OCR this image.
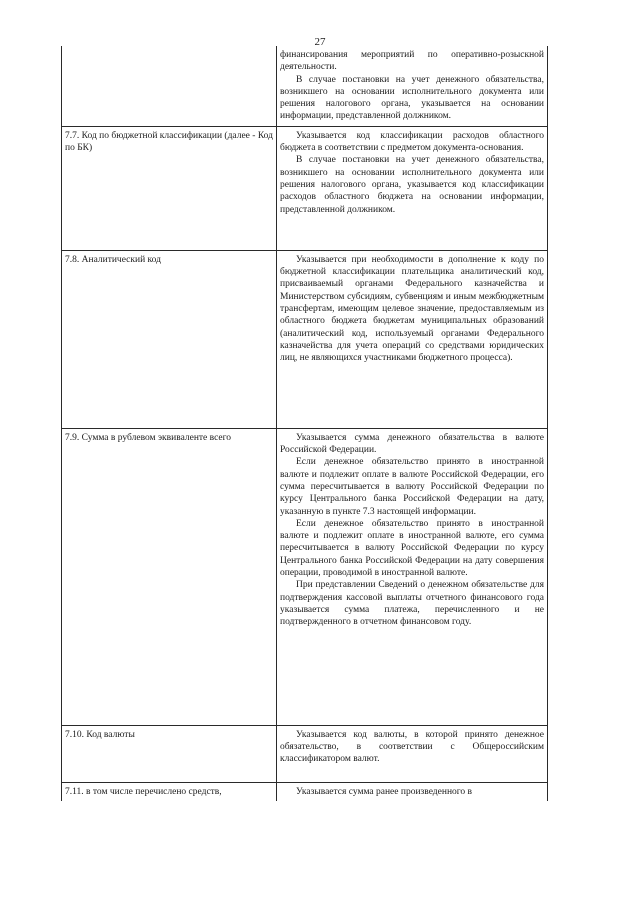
27

	финансирования мероприятий по оперативно-розыскной деятельности.

В случае постановки на учет денежного обязательства, возникшего на основании исполнительного документа или решения налогового органа, указывается на основании информации, представленной должником.

7.7. Код по бюджетной классификации (далее - Код по БК)	Указывается код классификации расходов областного бюджета в соответствии с предметом документа-основания.

В случае постановки на учет денежного обязательства, возникшего на основании исполнительного документа или решения налогового органа, указывается код классификации расходов областного бюджета на основании информации, представленной должником.

7.8. Аналитический код	Указывается при необходимости в дополнение к коду по бюджетной классификации плательщика аналитический код, присваиваемый органами Федерального казначейства и Министерством субсидиям, субвенциям и иным межбюджетным трансфертам, имеющим целевое значение, предоставляемым из областного бюджета бюджетам муниципальных образований (аналитический код, используемый органами Федерального казначейства для учета операций со средствами юридических лиц, не являющихся участниками бюджетного процесса).

7.9. Сумма в рублевом эквиваленте всего	Указывается сумма денежного обязательства в валюте Российской Федерации.

Если денежное обязательство принято в иностранной валюте и подлежит оплате в валюте Российской Федерации, его сумма пересчитывается в валюту Российской Федерации по курсу Центрального банка Российской Федерации на дату, указанную в пункте 7.3 настоящей информации.

Если денежное обязательство принято в иностранной валюте и подлежит оплате в иностранной валюте, его сумма пересчитывается в валюту Российской Федерации по курсу Центрального банка Российской Федерации на дату совершения операции, проводимой в иностранной валюте.

При представлении Сведений о денежном обязательстве для подтверждения кассовой выплаты отчетного финансового года указывается сумма платежа, перечисленного и не подтвержденного в отчетном финансовом году.

7.10. Код валюты	Указывается код валюты, в которой принято денежное обязательство, в соответствии с Общероссийским классификатором валют.

7.11. в том числе перечислено средств,	Указывается сумма ранее произведенного в
